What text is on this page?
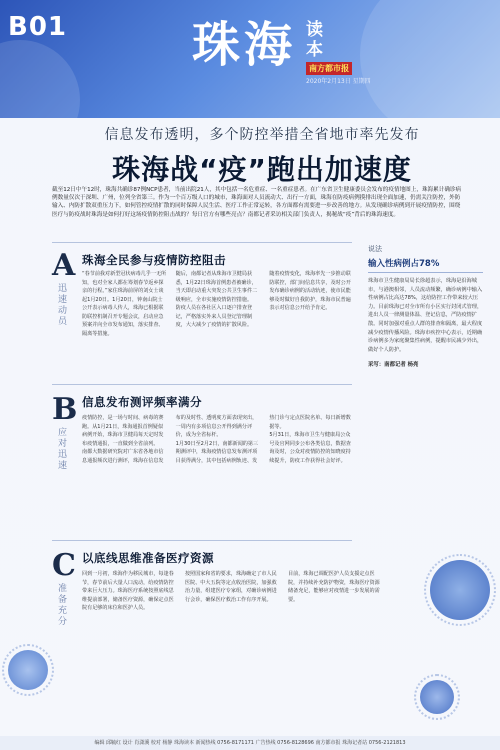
B01	珠海 读本
南方都市报
2020年2月13日 星期四
信息发布透明，多个防控举措全省地市率先发布
珠海战“疫”跑出加速度
截至12日中午12时，珠海共确诊87例NCP患者，当前出院21人，其中包括一名危重症、一名重症患者。在广东省卫生健康委员会发布的疫情地图上，珠海累计确诊病例数量仅次于深圳、广州，位列全省第三。作为一个百万级人口的城市，珠海面对人员流动大、出行一方面，珠海在防疫病例摸排出现全面加速，仍需关注防控，外防输入、内防扩散双重压力下，如何管控疫情扩散的同时保障人民生活、医疗工作正常运转，各方面都有需要进一步改善的地方。从发现确诊病例到开展疫情防控，围绕医疗与防疫战时珠海是如何打好这场疫情防控阻击战的？每日官方有哪些亮点？南都记者采访相关部门负责人，揭秘战“疫”背后的珠海速度。
A
迅速动员
珠海全民参与疫情防控阻击

“春节前我对新型冠状病毒几乎一无所知，也对全家人都在筹划春节返乡探亲的行程。”家住珠海前屏的刘女士谈起1月20日。1月20日，钟南山院士公开表示病毒人传人，珠海已根据联防联控机制召开专题会议，启动应急预案并向全市发布通知，落实排查、隔离等措施。

随后，南都记者从珠海市卫健局获悉，1月22日珠海首例患者被确诊，当天即启动重大突发公共卫生事件二级响应，全市实施疫情防控措施。

防疫人员在各社区入口逐户排查登记，严格落实外来人员登记管理制度，大大减少了疫情的扩散风险。

随着疫情变化，珠海率先一步推动联防联控，部门间信息共享，及时公开发布确诊病例的活动轨迹，使市民能够及时做好自我防护，珠海市民普遍表示对信息公开给予肯定。

B
应对迅速
信息发布测评频率满分

疫情防控，是一场与时间、病毒的赛跑。从1月21日，珠海通报首例疑似病例开始，珠海市卫健局每天定时发布疫情通报，一直做到全省前列。

南都大数据研究院对广东省各地市信息通报频次进行测评，珠海在信息发布的及时性、透明度方面表现突出，一周内有多项信息公开得到满分评价，成为全省标杆。

1月30日至2月2日，南都新闻的第三期测评中，珠海疫情信息发布测评项目获得满分，其中包括病例轨迹、发热门诊与定点医院名单、每日新增数据等。

5月31日，珠海市卫生与健康局公众号及官网同步公布各类信息，数据查询及时，公众对疫情防控的知晓度持续提升，防疫工作获得社会好评。

C
准备充分
以底线思维准备医疗资源

回到一月初，珠海作为移民城市，每逢春节，春节前后大量人口流动，给疫情防控带来巨大压力。珠海医疗系统按照底线思维提前部署，储备医疗资源，确保定点医院有足够的床位和医护人员。

按照国家和省的要求，珠海确定了市人民医院、中大五院等定点收治医院，加强救治力量，组建医疗专家组，对确诊病例进行会诊，确保医疗救治工作有序开展。

目前，珠海已调配医护人员支援定点医院，并持续补充防护物资，珠海医疗资源储备充足，能够应对疫情进一步发展的需要。

说法
输入性病例占78%
珠海市卫生健康局局长徐超表示，珠海是沿海城市，与港澳相邻，人员流动频繁，确诊病例中输入性病例占比高达78%，这给防控工作带来较大压力。目前珠海已对全市所有小区实行封闭式管理，进出人员一律测量体温、登记信息，严防疫情扩散。同时加强对重点人群的排查和隔离，最大程度减少疫情传播风险。珠海市疾控中心表示，近期确诊病例多为家庭聚集性病例，提醒市民减少外出，做好个人防护。
采写：南都记者 杨亮
编辑 邱毓红 设计 肖潇溪 校对 杨静 珠海读本 新闻热线 0756-8171171 广告热线 0756-8128696 南方都市报 珠海记者站 0756-2121813
